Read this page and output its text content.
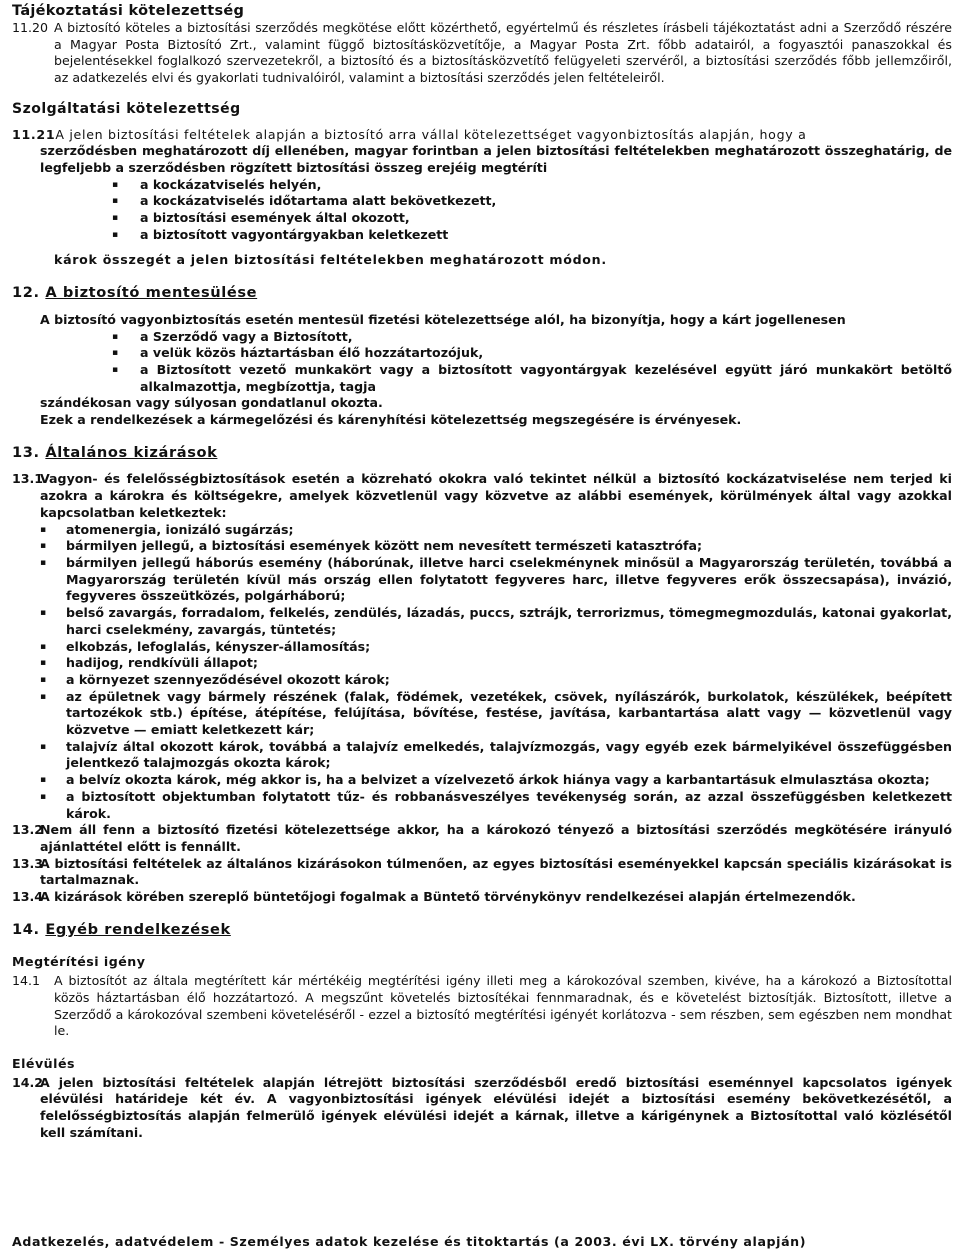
Tájékoztatási kötelezettség
11.20 A biztosító köteles a biztosítási szerződés megkötése előtt közérthető, egyértelmű és részletes írásbeli tájékoztatást adni a Szerződő részére a Magyar Posta Biztosító Zrt., valamint függő biztosításközvetítője, a Magyar Posta Zrt. főbb adatairól, a fogyasztói panaszokkal és bejelentésekkel foglalkozó szervezetekről, a biztosító és a biztosításközvetítő felügyeleti szervéről, a biztosítási szerződés főbb jellemzőiről, az adatkezelés elvi és gyakorlati tudnivalóiról, valamint a biztosítási szerződés jelen feltételeiről.
Szolgáltatási kötelezettség
11.21 A jelen biztosítási feltételek alapján a biztosító arra vállal kötelezettséget vagyonbiztosítás alapján, hogy a
szerződésben meghatározott díj ellenében, magyar forintban a jelen biztosítási feltételekben meghatározott összeghatárig, de legfeljebb a szerződésben rögzített biztosítási összeg erejéig megtéríti
▪ a kockázatviselés helyén,
▪ a kockázatviselés időtartama alatt bekövetkezett,
▪ a biztosítási események által okozott,
▪ a biztosított vagyontárgyakban keletkezett
károk összegét a jelen biztosítási feltételekben meghatározott módon.
12. A biztosító mentesülése
A biztosító vagyonbiztosítás esetén mentesül fizetési kötelezettsége alól, ha bizonyítja, hogy a kárt jogellenesen
▪ a Szerződő vagy a Biztosított,
▪ a velük közös háztartásban élő hozzátartozójuk,
▪ a Biztosított vezető munkakört vagy a biztosított vagyontárgyak kezelésével együtt járó munkakört betöltő alkalmazottja, megbízottja, tagja
szándékosan vagy súlyosan gondatlanul okozta.
Ezek a rendelkezések a kármegelőzési és kárenyhítési kötelezettség megszegésére is érvényesek.
13. Általános kizárások
13.1
Vagyon- és felelősségbiztosítások esetén a közreható okokra való tekintet nélkül a biztosító kockázatviselése nem terjed ki azokra a károkra és költségekre, amelyek közvetlenül vagy közvetve az alábbi események, körülmények által vagy azokkal kapcsolatban keletkeztek:
▪ atomenergia, ionizáló sugárzás;
▪ bármilyen jellegű, a biztosítási események között nem nevesített természeti katasztrófa;
▪ bármilyen jellegű háborús esemény (háborúnak, illetve harci cselekménynek minősül a Magyarország területén, továbbá a Magyarország területén kívül más ország ellen folytatott fegyveres harc, illetve fegyveres erők összecsapása), invázió, fegyveres összeütközés, polgárháború;
▪ belső zavargás, forradalom, felkelés, zendülés, lázadás, puccs, sztrájk, terrorizmus, tömegmegmozdulás, katonai gyakorlat, harci cselekmény, zavargás, tüntetés;
▪ elkobzás, lefoglalás, kényszer-államosítás;
▪ hadijog, rendkívüli állapot;
▪ a környezet szennyeződésével okozott károk;
▪ az épületnek vagy bármely részének (falak, födémek, vezetékek, csövek, nyílászárók, burkolatok, készülékek, beépített tartozékok stb.) építése, átépítése, felújítása, bővítése, festése, javítása, karbantartása alatt vagy — közvetlenül vagy közvetve — emiatt keletkezett kár;
▪ talajvíz által okozott károk, továbbá a talajvíz emelkedés, talajvízmozgás, vagy egyéb ezek bármelyikével összefüggésben jelentkező talajmozgás okozta károk;
▪ a belvíz okozta károk, még akkor is, ha a belvizet a vízelvezető árkok hiánya vagy a karbantartásuk elmulasztása okozta;
▪ a biztosított objektumban folytatott tűz- és robbanásveszélyes tevékenység során, az azzal összefüggésben keletkezett károk.
13.2
Nem áll fenn a biztosító fizetési kötelezettsége akkor, ha a károkozó tényező a biztosítási szerződés megkötésére irányuló ajánlattétel előtt is fennállt.
13.3
A biztosítási feltételek az általános kizárásokon túlmenően, az egyes biztosítási eseményekkel kapcsán speciális kizárásokat is tartalmaznak.
13.4
A kizárások körében szereplő büntetőjogi fogalmak a Büntető törvénykönyv rendelkezései alapján értelmezendők.
14. Egyéb rendelkezések
Megtérítési igény
14.1	A biztosítót az általa megtérített kár mértékéig megtérítési igény illeti meg a károkozóval szemben, kivéve, ha a károkozó a Biztosítottal közös háztartásban élő hozzátartozó. A megszűnt követelés biztosítékai fennmaradnak, és e követelést biztosítják. Biztosított, illetve a Szerződő a károkozóval szembeni követeléséről - ezzel a biztosító megtérítési igényét korlátozva - sem részben, sem egészben nem mondhat le.
Elévülés
14.2
A jelen biztosítási feltételek alapján létrejött biztosítási szerződésből eredő biztosítási eseménnyel kapcsolatos igények elévülési határideje két év. A vagyonbiztosítási igények elévülési idejét a biztosítási esemény bekövetkezésétől, a felelősségbiztosítás alapján felmerülő igények elévülési idejét a kárnak, illetve a kárigénynek a Biztosítottal való közlésétől kell számítani.
Adatkezelés, adatvédelem - Személyes adatok kezelése és titoktartás (a 2003. évi LX. törvény alapján)
